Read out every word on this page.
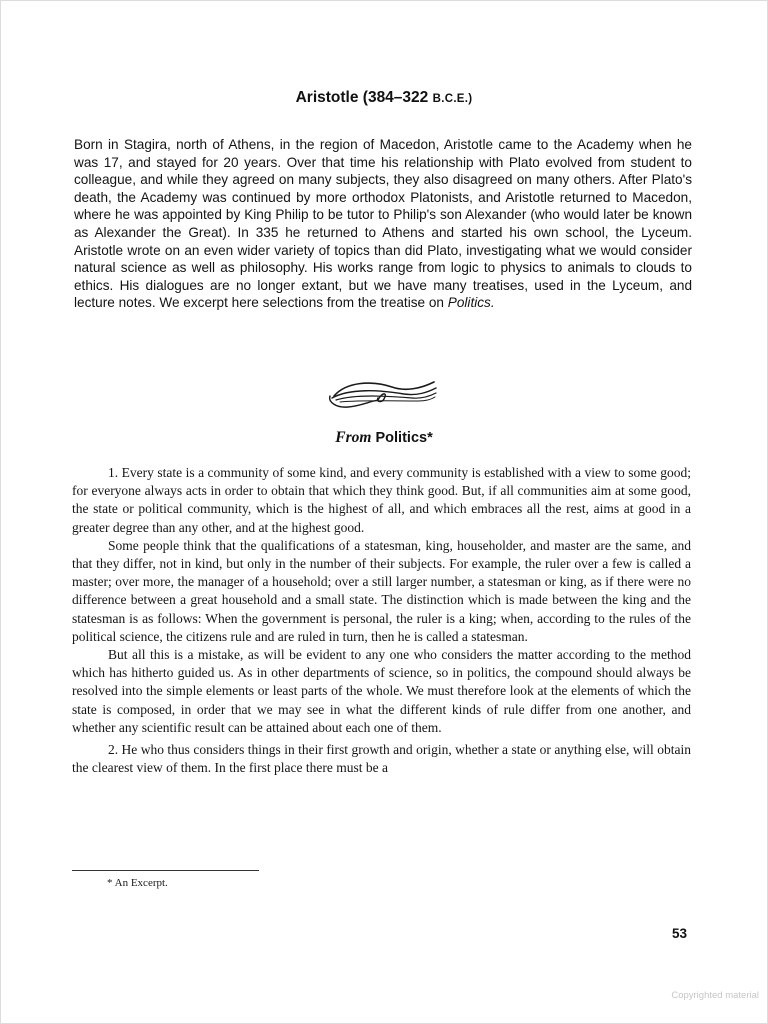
Aristotle (384–322 B.C.E.)
Born in Stagira, north of Athens, in the region of Macedon, Aristotle came to the Academy when he was 17, and stayed for 20 years. Over that time his relationship with Plato evolved from student to colleague, and while they agreed on many subjects, they also disagreed on many others. After Plato's death, the Academy was continued by more orthodox Platonists, and Aristotle returned to Macedon, where he was appointed by King Philip to be tutor to Philip's son Alexander (who would later be known as Alexander the Great). In 335 he returned to Athens and started his own school, the Lyceum. Aristotle wrote on an even wider variety of topics than did Plato, investigating what we would consider natural science as well as philosophy. His works range from logic to physics to animals to clouds to ethics. His dialogues are no longer extant, but we have many treatises, used in the Lyceum, and lecture notes. We excerpt here selections from the treatise on Politics.
From Politics*

1. Every state is a community of some kind, and every community is established with a view to some good; for everyone always acts in order to obtain that which they think good. But, if all communities aim at some good, the state or political community, which is the highest of all, and which embraces all the rest, aims at good in a greater degree than any other, and at the highest good.

Some people think that the qualifications of a statesman, king, householder, and master are the same, and that they differ, not in kind, but only in the number of their subjects. For example, the ruler over a few is called a master; over more, the manager of a household; over a still larger number, a statesman or king, as if there were no difference between a great household and a small state. The distinction which is made between the king and the statesman is as follows: When the government is personal, the ruler is a king; when, according to the rules of the political science, the citizens rule and are ruled in turn, then he is called a statesman.

But all this is a mistake, as will be evident to any one who considers the matter according to the method which has hitherto guided us. As in other departments of science, so in politics, the compound should always be resolved into the simple elements or least parts of the whole. We must therefore look at the elements of which the state is composed, in order that we may see in what the different kinds of rule differ from one another, and whether any scientific result can be attained about each one of them.

2. He who thus considers things in their first growth and origin, whether a state or anything else, will obtain the clearest view of them. In the first place there must be a

* An Excerpt.
53
Copyrighted material
